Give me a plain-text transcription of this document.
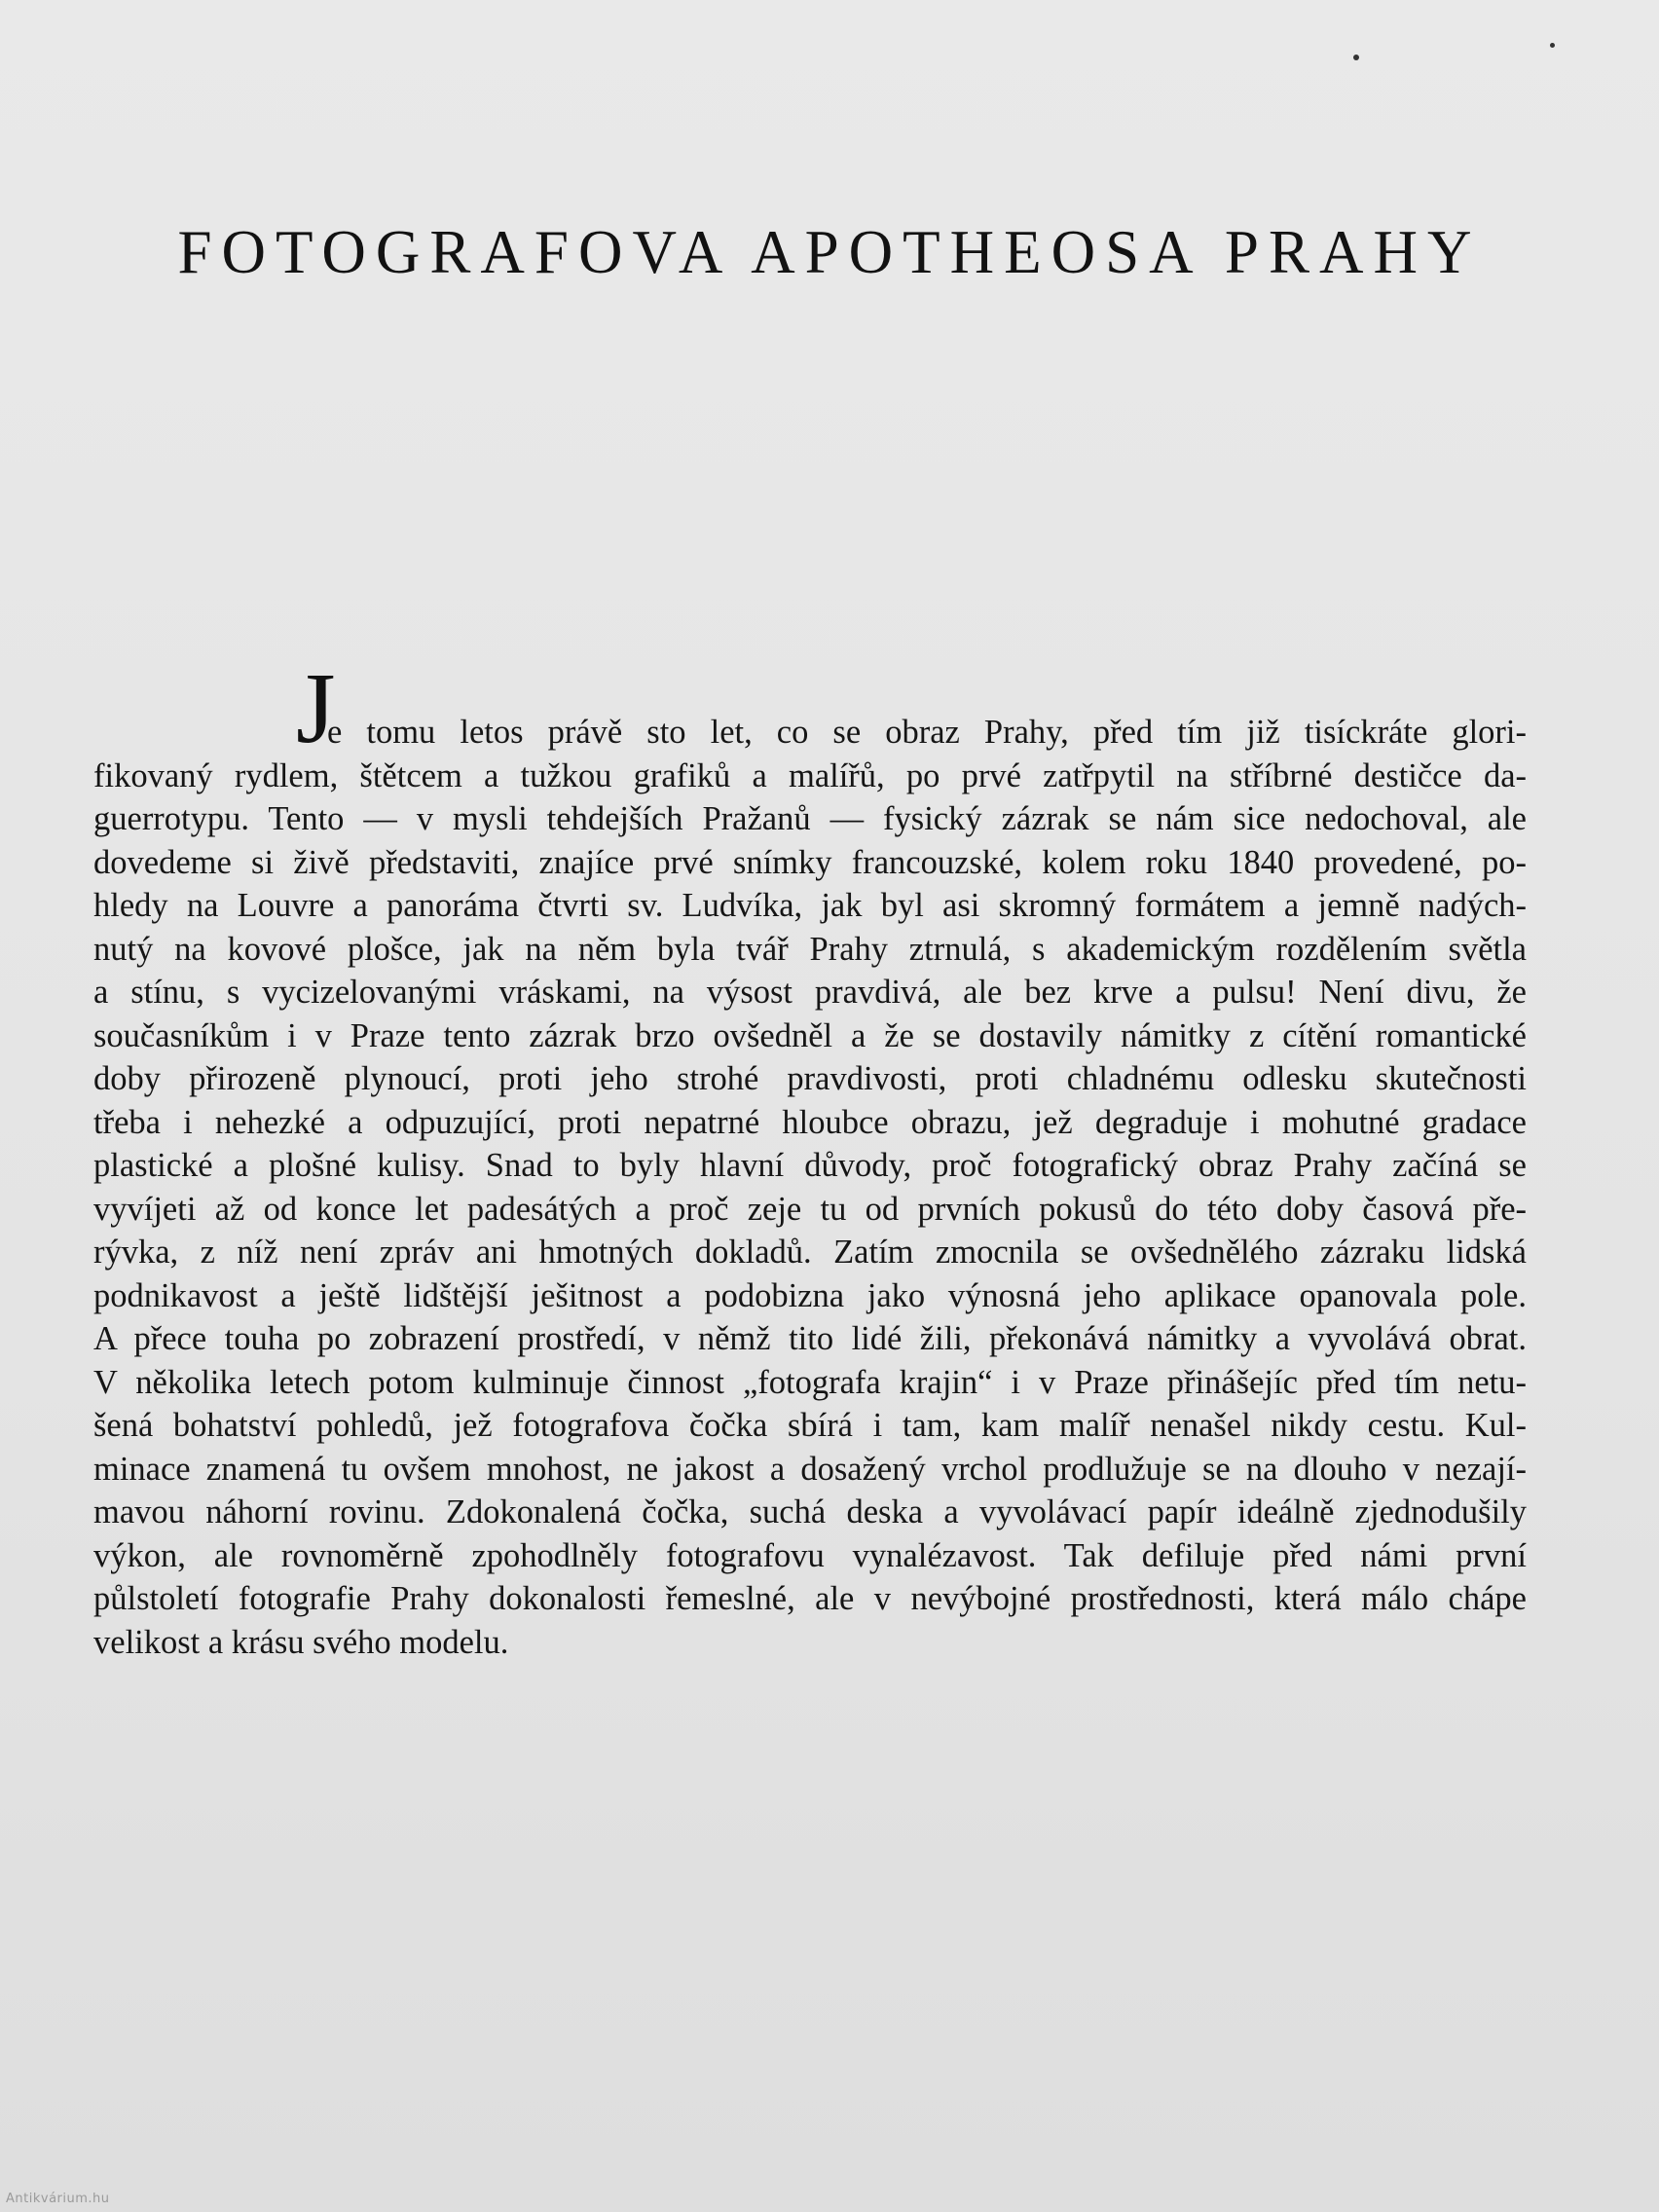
FOTOGRAFOVA APOTHEOSA PRAHY
J
e tomu letos právě sto let, co se obraz Prahy, před tím již tisíckráte glori-
fikovaný rydlem, štětcem a tužkou grafiků a malířů, po prvé zatřpytil na stříbrné destičce da-
guerrotypu. Tento — v mysli tehdejších Pražanů — fysický zázrak se nám sice nedochoval, ale
dovedeme si živě představiti, znajíce prvé snímky francouzské, kolem roku 1840 provedené, po-
hledy na Louvre a panoráma čtvrti sv. Ludvíka, jak byl asi skromný formátem a jemně nadých-
nutý na kovové plošce, jak na něm byla tvář Prahy ztrnulá, s akademickým rozdělením světla
a stínu, s vycizelovanými vráskami, na výsost pravdivá, ale bez krve a pulsu! Není divu, že
současníkům i v Praze tento zázrak brzo ovšedněl a že se dostavily námitky z cítění romantické
doby přirozeně plynoucí, proti jeho strohé pravdivosti, proti chladnému odlesku skutečnosti
třeba i nehezké a odpuzující, proti nepatrné hloubce obrazu, jež degraduje i mohutné gradace
plastické a plošné kulisy. Snad to byly hlavní důvody, proč fotografický obraz Prahy začíná se
vyvíjeti až od konce let padesátých a proč zeje tu od prvních pokusů do této doby časová pře-
rývka, z níž není zpráv ani hmotných dokladů. Zatím zmocnila se ovšedněléhο zázraku lidská
podnikavost a ještě lidštější ješitnost a podobizna jako výnosná jeho aplikace opanovala pole.
A přece touha po zobrazení prostředí, v němž tito lidé žili, překonává námitky a vyvolává obrat.
V několika letech potom kulminuje činnost „fotografa krajin“ i v Praze přinášejíc před tím netu-
šená bohatství pohledů, jež fotografova čočka sbírá i tam, kam malíř nenašel nikdy cestu. Kul-
minace znamená tu ovšem mnohost, ne jakost a dosažený vrchol prodlužuje se na dlouho v nezají-
mavou náhorní rovinu. Zdokonalená čočka, suchá deska a vyvolávací papír ideálně zjednodušily
výkon, ale rovnoměrně zpohodlněly fotografovu vynalézavost. Tak defiluje před námi první
půlstoletí fotografie Prahy dokonalosti řemeslné, ale v nevýbojné prostřednosti, která málo chápe
velikost a krásu svého modelu.
Antikvárium.hu
